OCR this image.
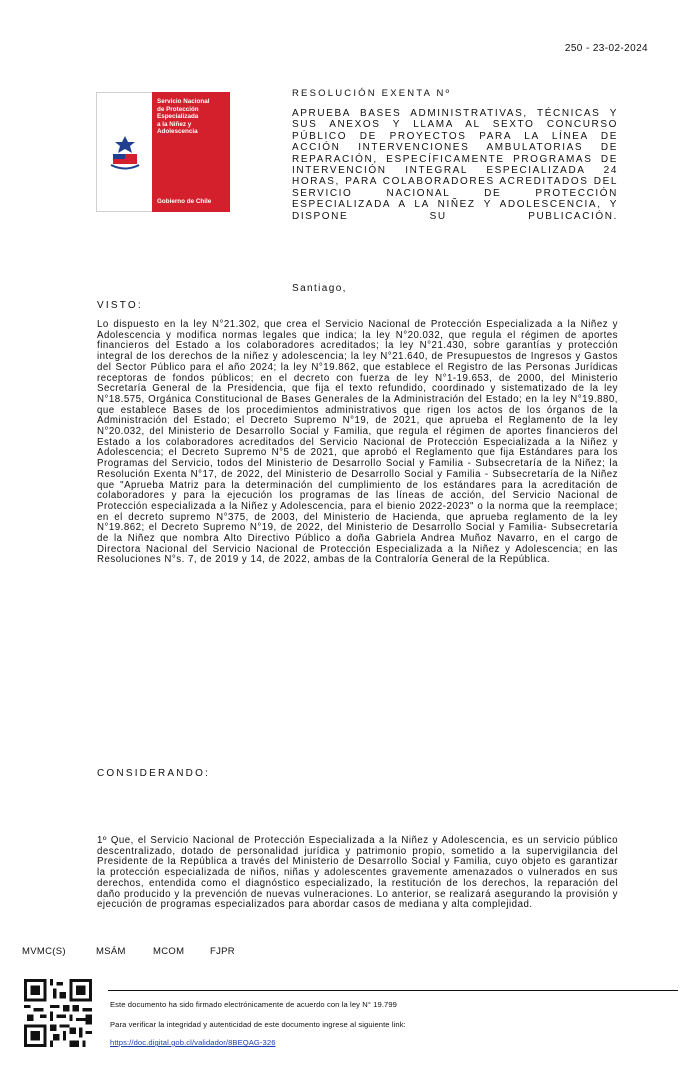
250 - 23-02-2024
Servicio Nacional
de Protección
Especializada
a la Niñez y
Adolescencia
Gobierno de Chile
RESOLUCIÓN EXENTA Nº
APRUEBA BASES ADMINISTRATIVAS, TÉCNICAS Y SUS ANEXOS Y LLAMA AL SEXTO CONCURSO PÚBLICO DE PROYECTOS PARA LA LÍNEA DE ACCIÓN INTERVENCIONES AMBULATORIAS DE REPARACIÓN, ESPECÍFICAMENTE PROGRAMAS DE INTERVENCIÓN INTEGRAL ESPECIALIZADA 24 HORAS, PARA COLABORADORES ACREDITADOS DEL SERVICIO NACIONAL DE PROTECCIÓN ESPECIALIZADA A LA NIÑEZ Y ADOLESCENCIA, Y DISPONE SU PUBLICACIÓN.
Santiago,
VISTO:
Lo dispuesto en la ley N°21.302, que crea el Servicio Nacional de Protección Especializada a la Niñez y Adolescencia y modifica normas legales que indica; la ley N°20.032, que regula el régimen de aportes financieros del Estado a los colaboradores acreditados; la ley N°21.430, sobre garantías y protección integral de los derechos de la niñez y adolescencia; la ley N°21.640, de Presupuestos de Ingresos y Gastos del Sector Público para el año 2024; la ley N°19.862, que establece el Registro de las Personas Jurídicas receptoras de fondos públicos; en el decreto con fuerza de ley N°1-19.653, de 2000, del Ministerio Secretaría General de la Presidencia, que fija el texto refundido, coordinado y sistematizado de la ley N°18.575, Orgánica Constitucional de Bases Generales de la Administración del Estado; en la ley N°19.880, que establece Bases de los procedimientos administrativos que rigen los actos de los órganos de la Administración del Estado; el Decreto Supremo N°19, de 2021, que aprueba el Reglamento de la ley N°20.032, del Ministerio de Desarrollo Social y Familia, que regula el régimen de aportes financieros del Estado a los colaboradores acreditados del Servicio Nacional de Protección Especializada a la Niñez y Adolescencia; el Decreto Supremo N°5 de 2021, que aprobó el Reglamento que fija Estándares para los Programas del Servicio, todos del Ministerio de Desarrollo Social y Familia - Subsecretaría de la Niñez; la Resolución Exenta N°17, de 2022, del Ministerio de Desarrollo Social y Familia - Subsecretaría de la Niñez que "Aprueba Matriz para la determinación del cumplimiento de los estándares para la acreditación de colaboradores y para la ejecución los programas de las líneas de acción, del Servicio Nacional de Protección especializada a la Niñez y Adolescencia, para el bienio 2022-2023" o la norma que la reemplace; en el decreto supremo N°375, de 2003, del Ministerio de Hacienda, que aprueba reglamento de la ley N°19.862; el Decreto Supremo N°19, de 2022, del Ministerio de Desarrollo Social y Familia- Subsecretaría de la Niñez que nombra Alto Directivo Público a doña Gabriela Andrea Muñoz Navarro, en el cargo de Directora Nacional del Servicio Nacional de Protección Especializada a la Niñez y Adolescencia; en las Resoluciones N°s. 7, de 2019 y 14, de 2022, ambas de la Contraloría General de la República.
CONSIDERANDO:
1º Que, el Servicio Nacional de Protección Especializada a la Niñez y Adolescencia, es un servicio público descentralizado, dotado de personalidad jurídica y patrimonio propio, sometido a la supervigilancia del Presidente de la República a través del Ministerio de Desarrollo Social y Familia, cuyo objeto es garantizar la protección especializada de niños, niñas y adolescentes gravemente amenazados o vulnerados en sus derechos, entendida como el diagnóstico especializado, la restitución de los derechos, la reparación del daño producido y la prevención de nuevas vulneraciones. Lo anterior, se realizará asegurando la provisión y ejecución de programas especializados para abordar casos de mediana y alta complejidad.
MVMC(S)	MSÁM	MCOM	FJPR
Este documento ha sido firmado electrónicamente de acuerdo con la ley N° 19.799
Para verificar la integridad y autenticidad de este documento ingrese al siguiente link:
https://doc.digital.gob.cl/validador/8BEQAG-326
